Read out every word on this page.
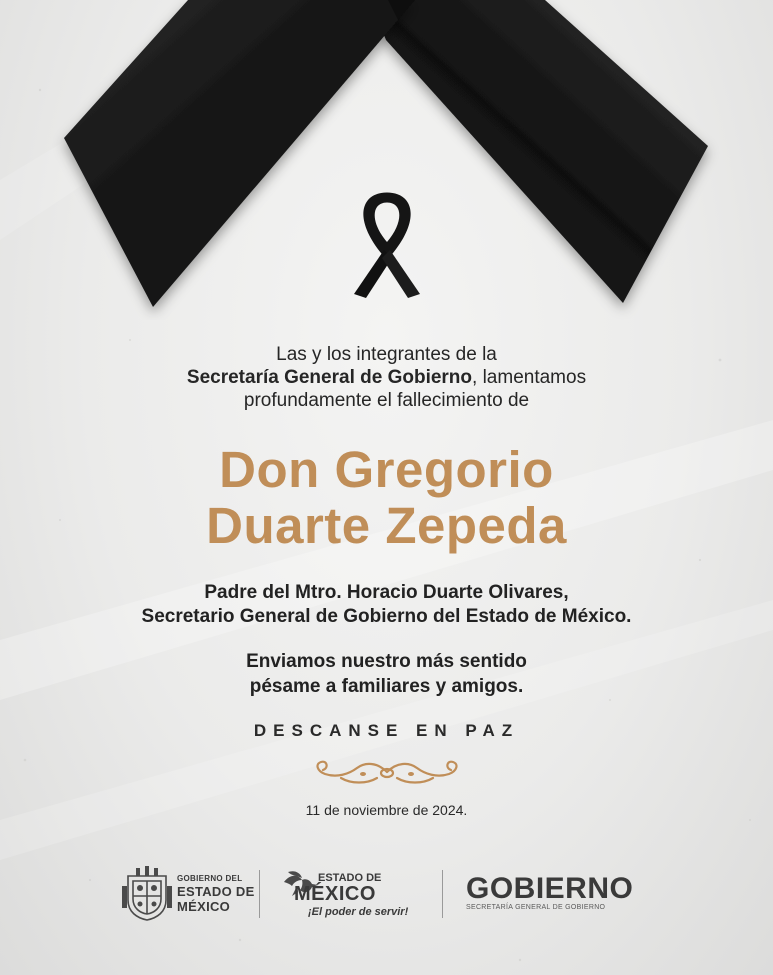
Las y los integrantes de la
Secretaría General de Gobierno, lamentamos
profundamente el fallecimiento de
Don Gregorio
Duarte Zepeda
Padre del Mtro. Horacio Duarte Olivares,
Secretario General de Gobierno del Estado de México.
Enviamos nuestro más sentido
pésame a familiares y amigos.
DESCANSE EN PAZ
11 de noviembre de 2024.
GOBIERNO DEL
ESTADO DE
MÉXICO
ESTADO DE
MÉXICO
¡El poder de servir!
GOBIERNO
SECRETARÍA GENERAL DE GOBIERNO
